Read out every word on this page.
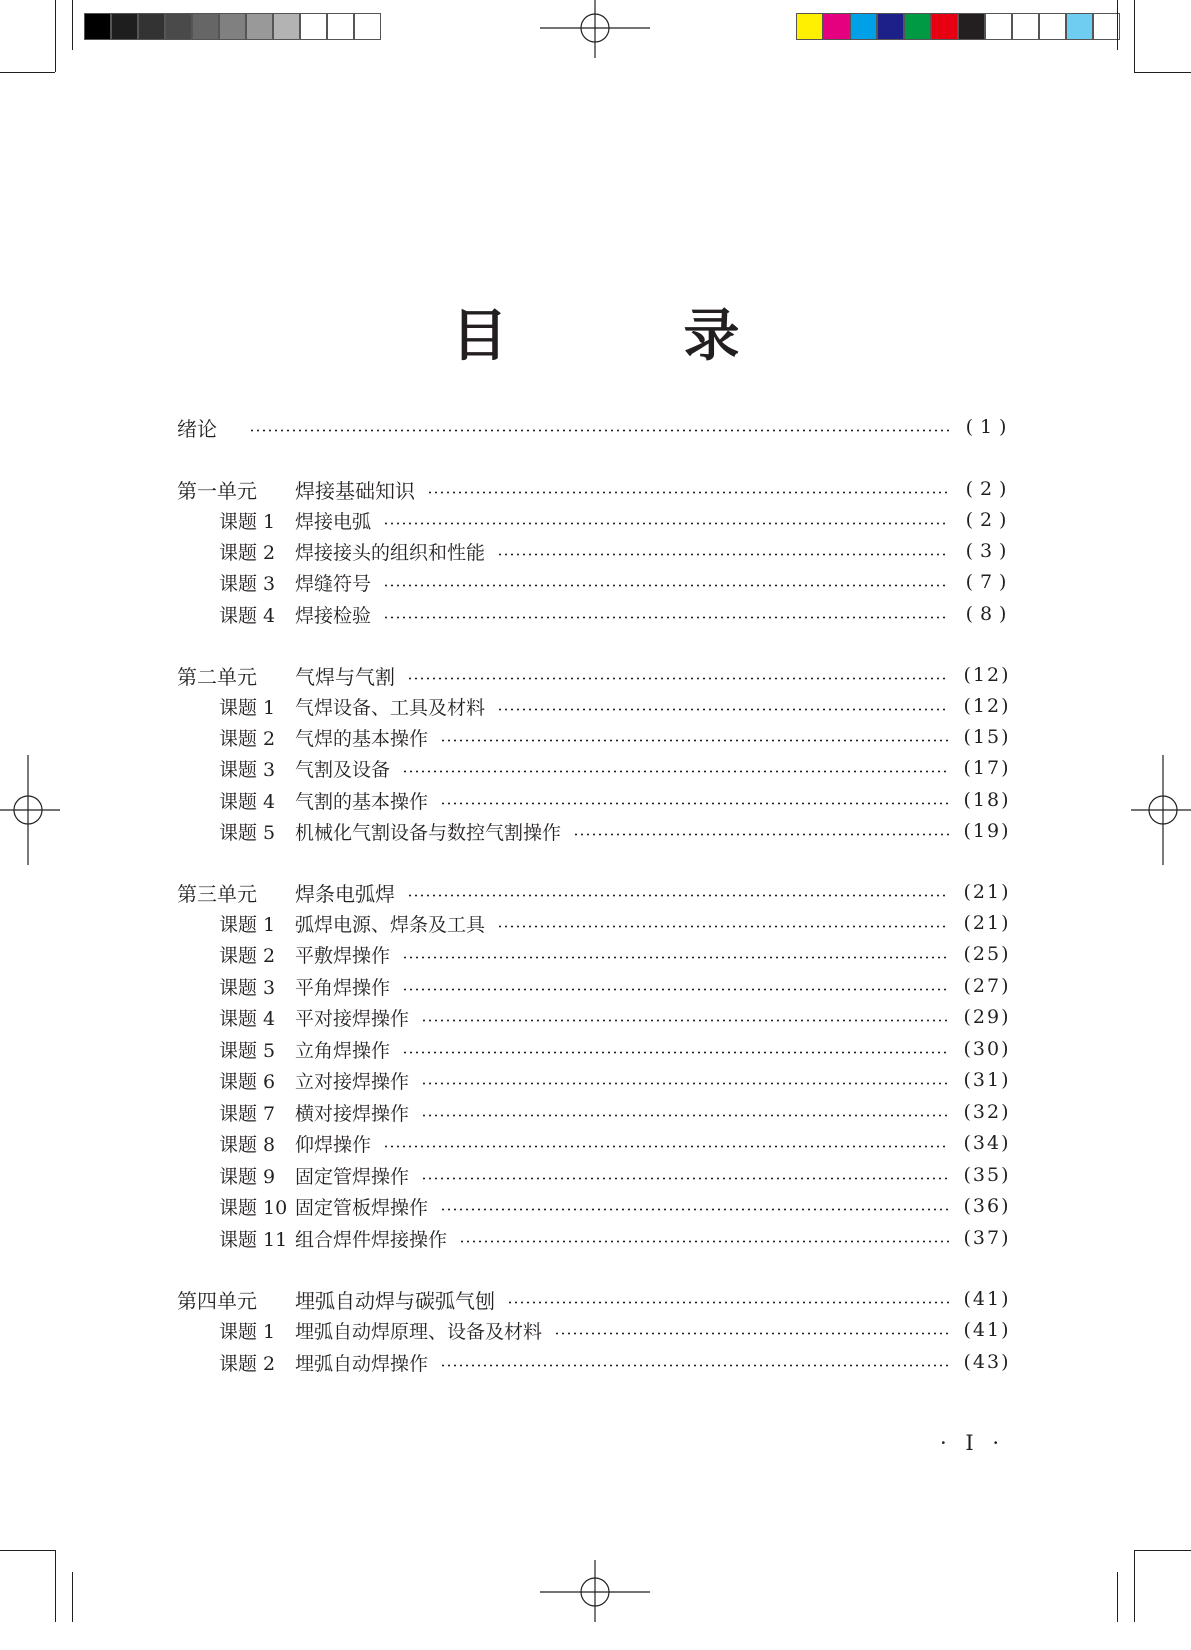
目　录
绪论	( 1 )
第一单元	焊接基础知识	( 2 )
课题 1	焊接电弧	( 2 )
课题 2	焊接接头的组织和性能	( 3 )
课题 3	焊缝符号	( 7 )
课题 4	焊接检验	( 8 )
第二单元	气焊与气割	(12)
课题 1	气焊设备、工具及材料	(12)
课题 2	气焊的基本操作	(15)
课题 3	气割及设备	(17)
课题 4	气割的基本操作	(18)
课题 5	机械化气割设备与数控气割操作	(19)
第三单元	焊条电弧焊	(21)
课题 1	弧焊电源、焊条及工具	(21)
课题 2	平敷焊操作	(25)
课题 3	平角焊操作	(27)
课题 4	平对接焊操作	(29)
课题 5	立角焊操作	(30)
课题 6	立对接焊操作	(31)
课题 7	横对接焊操作	(32)
课题 8	仰焊操作	(34)
课题 9	固定管焊操作	(35)
课题 10 固定管板焊操作	(36)
课题 11 组合焊件焊接操作	(37)
第四单元	埋弧自动焊与碳弧气刨	(41)
课题 1	埋弧自动焊原理、设备及材料	(41)
课题 2	埋弧自动焊操作	(43)
· I ·
